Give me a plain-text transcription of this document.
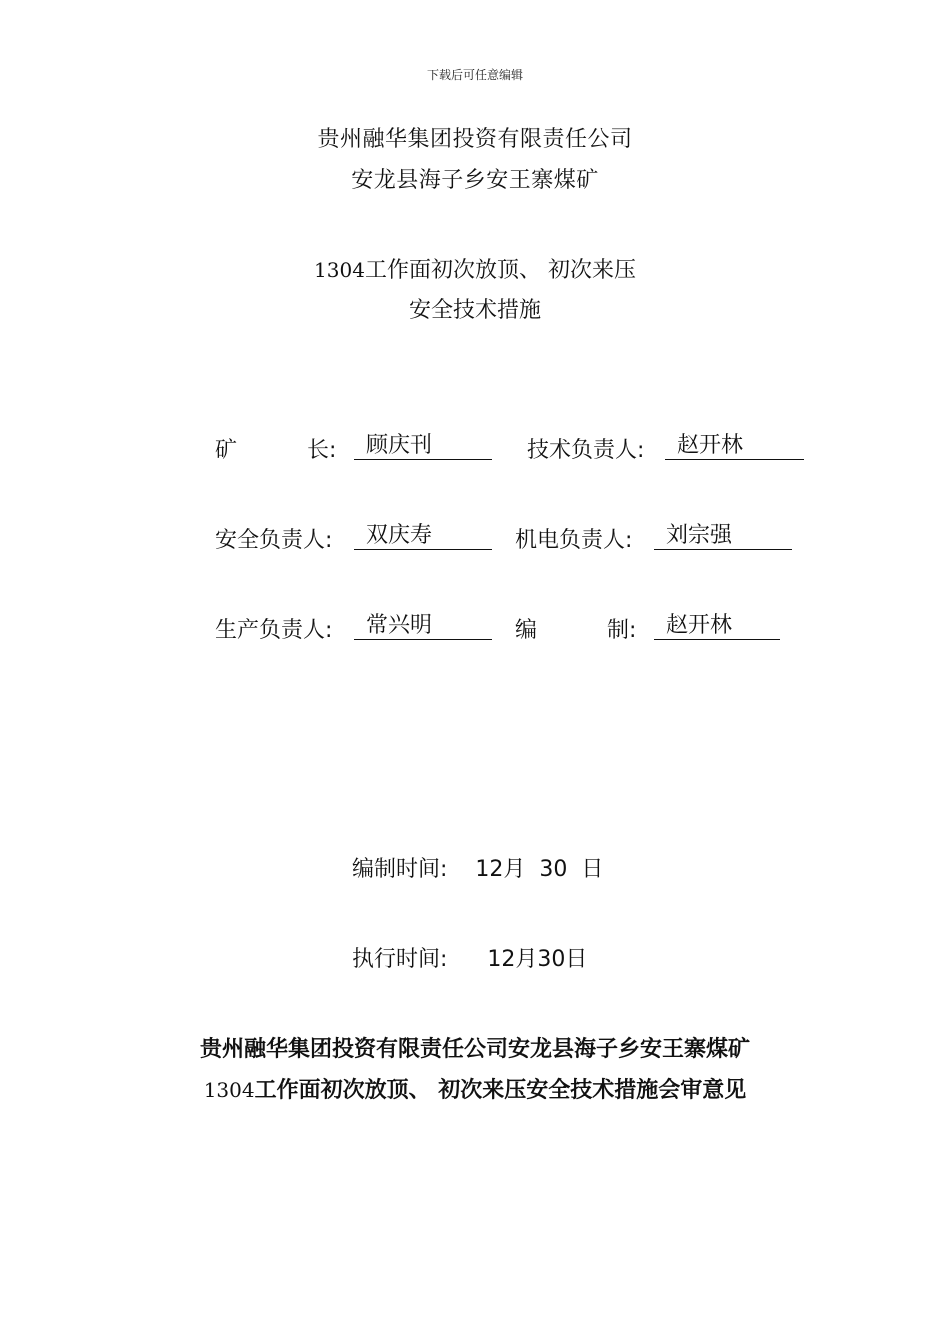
下载后可任意编辑
贵州融华集团投资有限责任公司
安龙县海子乡安王寨煤矿
1304工作面初次放顶、 初次来压
安全技术措施
矿	长:	顾庆刊	技术负责人:	赵开林
安全负责人:	双庆寿	机电负责人:	刘宗强
生产负责人:	常兴明	编	制:	赵开林
编制时间: 12月  30  日
执行时间: 12月30日
贵州融华集团投资有限责任公司安龙县海子乡安王寨煤矿
1304工作面初次放顶、 初次来压安全技术措施会审意见
